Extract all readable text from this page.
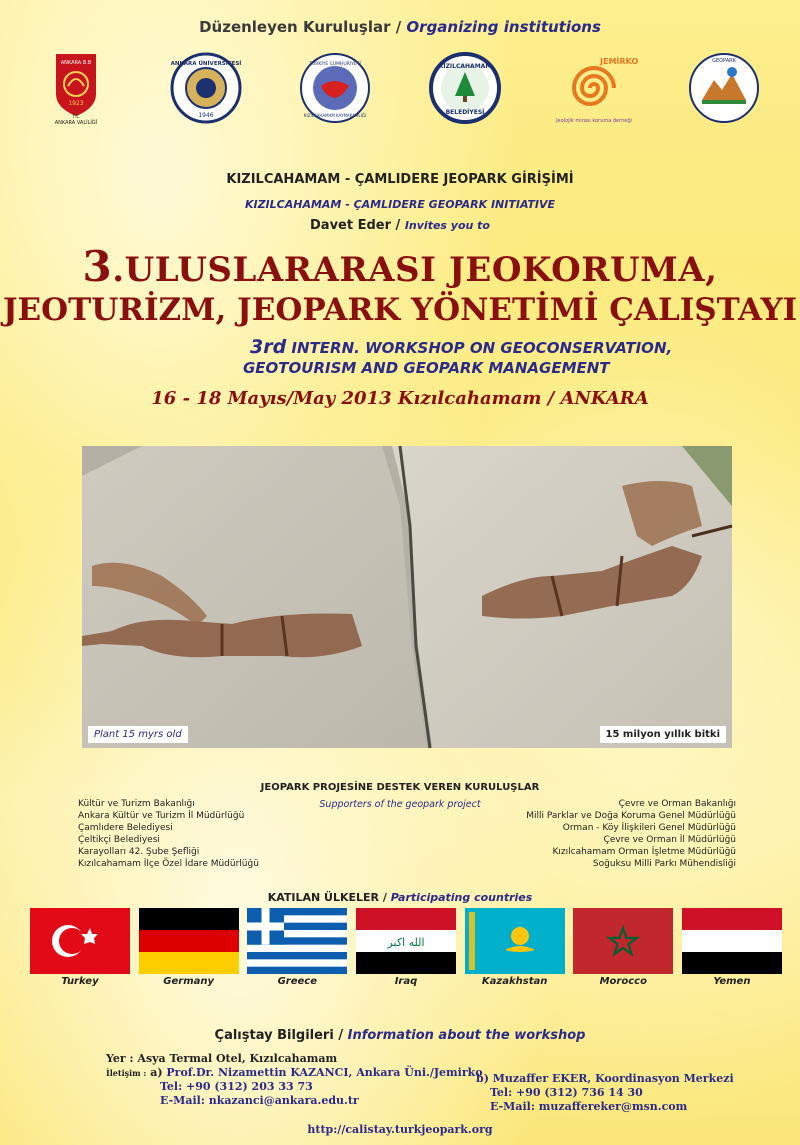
Düzenleyen Kuruluşlar / Organizing institutions
ANKARA B.B
1923
T.C
ANKARA VALİLİĞİ
ANKARA ÜNİVERSİTESİ
1946
TÜRKİYE CUMHURİYETİ
KIZILCAHAMAM KAYMAKAMLIĞI
KIZILCAHAMAM
BELEDİYESİ
JEMİRKO
Jeolojik mirası koruma derneği
GEOPARK
KIZILCAHAMAM - ÇAMLIDERE JEOPARK GİRİŞİMİ
KIZILCAHAMAM - ÇAMLIDERE GEOPARK INITIATIVE
Davet Eder / Invites you to
3.ULUSLARARASI JEOKORUMA,
JEOTURİZM, JEOPARK YÖNETİMİ ÇALIŞTAYI
3rd INTERN. WORKSHOP ON GEOCONSERVATION,
GEOTOURISM AND GEOPARK MANAGEMENT
16 - 18 Mayıs/May 2013 Kızılcahamam / ANKARA
Plant 15 myrs old	15 milyon yıllık bitki
JEOPARK PROJESİNE DESTEK VEREN KURULUŞLAR
Supporters of the geopark project
Kültür ve Turizm Bakanlığı
Ankara Kültür ve Turizm İl Müdürlüğü
Çamlıdere Belediyesi
Çeltikçi Belediyesi
Karayolları 42. Şube Şefliği
Kızılcahamam İlçe Özel İdare Müdürlüğü
Çevre ve Orman Bakanlığı
Milli Parklar ve Doğa Koruma Genel Müdürlüğü
Orman - Köy İlişkileri Genel Müdürlüğü
Çevre ve Orman İl Müdürlüğü
Kızılcahamam Orman İşletme Müdürlüğü
Soğuksu Milli Parkı Mühendisliği
KATILAN ÜLKELER / Participating countries
Turkey	Germany	Greece
الله اكبر
Iraq	Kazakhstan	Morocco	Yemen
Çalıştay Bilgileri / Information about the workshop
Yer : Asya Termal Otel, Kızılcahamam
İletişim : a) Prof.Dr. Nizamettin KAZANCI, Ankara Üni./Jemirko
Tel: +90 (312) 203 33 73
E-Mail: nkazanci@ankara.edu.tr
b) Muzaffer EKER, Koordinasyon Merkezi
Tel: +90 (312) 736 14 30
E-Mail: muzaffereker@msn.com
http://calistay.turkjeopark.org
